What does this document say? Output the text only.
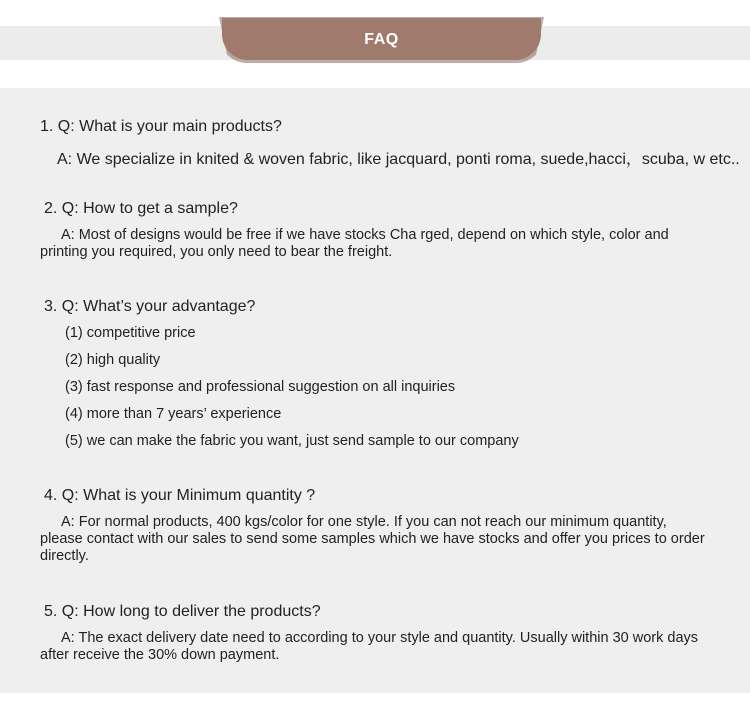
FAQ
1. Q: What is your main products?
A: We specialize in knited & woven fabric, like jacquard, ponti roma, suede,hacci，scuba, w etc..
2. Q: How to get a sample?
A: Most of designs would be free if we have stocks Cha rged, depend on which style, color and printing you required, you only need to bear the freight.
3. Q: What’s your advantage?
(1) competitive price
(2) high quality
(3) fast response and professional suggestion on all inquiries
(4) more than 7 years’ experience
(5) we can make the fabric you want, just send sample to our company
4. Q: What is your Minimum quantity ?
A: For normal products, 400 kgs/color for one style. If you can not reach our minimum quantity, please contact with our sales to send some samples which we have stocks and offer you prices to order directly.
5. Q: How long to deliver the products?
A: The exact delivery date need to according to your style and quantity. Usually within 30 work days after receive the 30% down payment.
